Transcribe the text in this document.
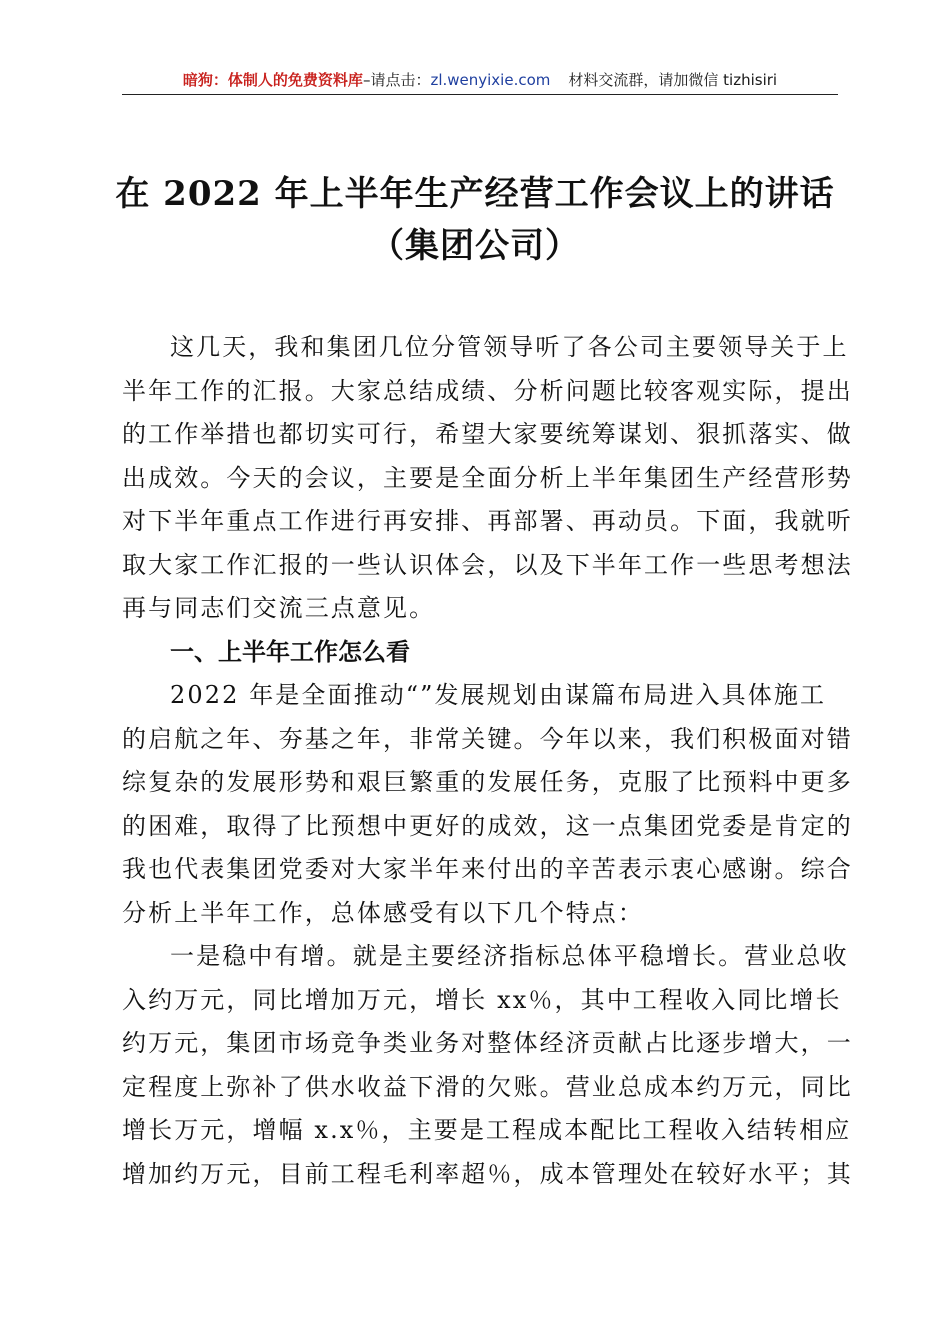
暗狗：体制人的免费资料库–请点击：zl.wenyixie.com 材料交流群，请加微信 tizhisiri
在 2022 年上半年生产经营工作会议上的讲话
（集团公司）
这几天，我和集团几位分管领导听了各公司主要领导关于上
半年工作的汇报。大家总结成绩、分析问题比较客观实际，提出
的工作举措也都切实可行，希望大家要统筹谋划、狠抓落实、做
出成效。今天的会议，主要是全面分析上半年集团生产经营形势
对下半年重点工作进行再安排、再部署、再动员。下面，我就听
取大家工作汇报的一些认识体会，以及下半年工作一些思考想法
再与同志们交流三点意见。
一、上半年工作怎么看
2022 年是全面推动“”发展规划由谋篇布局进入具体施工
的启航之年、夯基之年，非常关键。今年以来，我们积极面对错
综复杂的发展形势和艰巨繁重的发展任务，克服了比预料中更多
的困难，取得了比预想中更好的成效，这一点集团党委是肯定的
我也代表集团党委对大家半年来付出的辛苦表示衷心感谢。综合
分析上半年工作，总体感受有以下几个特点：
一是稳中有增。就是主要经济指标总体平稳增长。营业总收
入约万元，同比增加万元，增长 xx％，其中工程收入同比增长
约万元，集团市场竞争类业务对整体经济贡献占比逐步增大，一
定程度上弥补了供水收益下滑的欠账。营业总成本约万元，同比
增长万元，增幅 x.x％，主要是工程成本配比工程收入结转相应
增加约万元，目前工程毛利率超％，成本管理处在较好水平；其
